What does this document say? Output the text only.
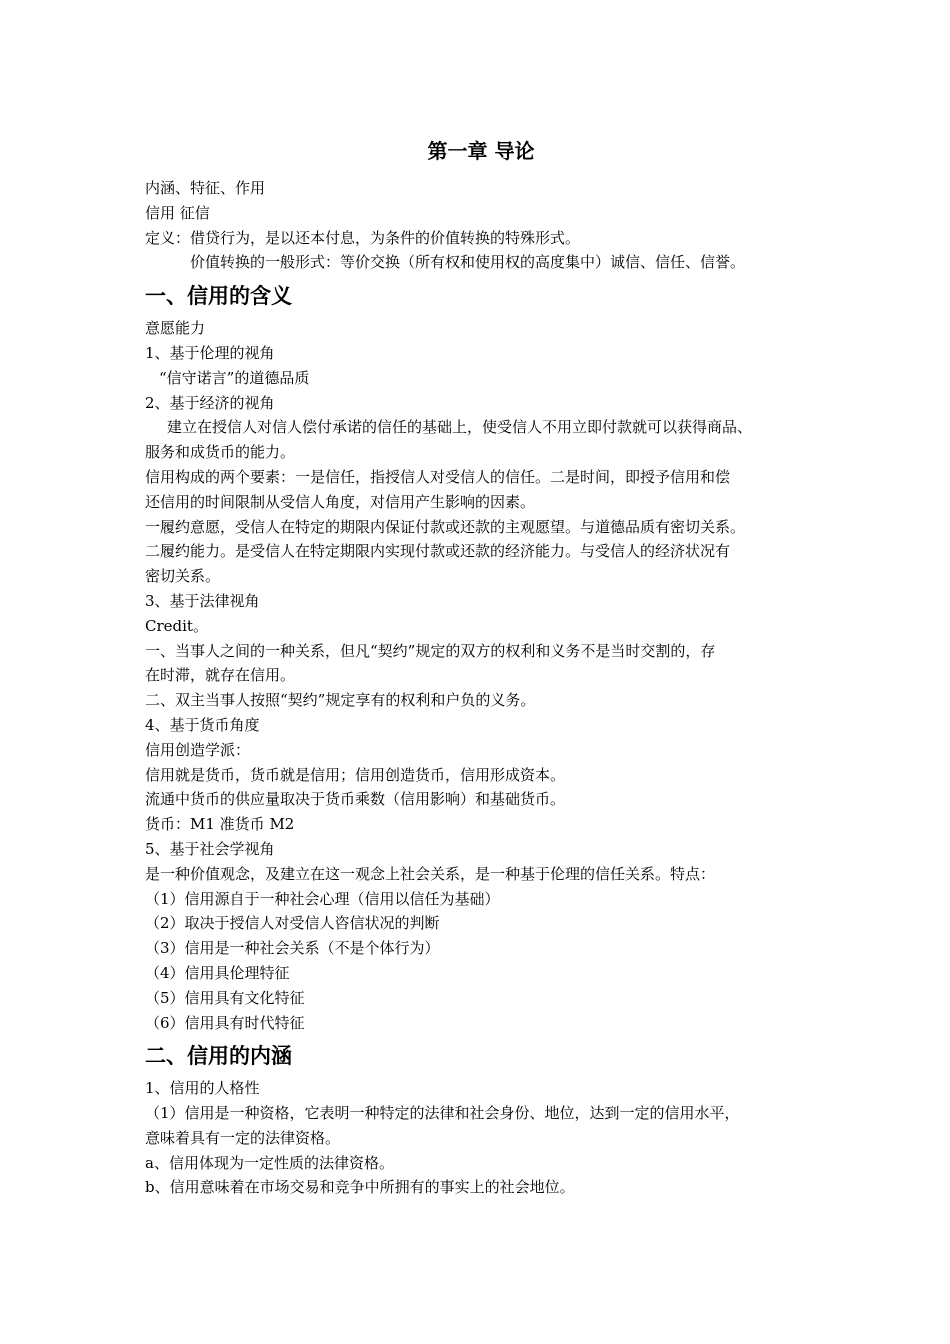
第一章 导论

内涵、特征、作用

信用 征信

定义：借贷行为，是以还本付息，为条件的价值转换的特殊形式。

价值转换的一般形式：等价交换（所有权和使用权的高度集中）诚信、信任、信誉。

一、信用的含义

意愿能力

1、基于伦理的视角

“信守诺言”的道德品质

2、基于经济的视角

建立在授信人对信人偿付承诺的信任的基础上，使受信人不用立即付款就可以获得商品、

服务和成货币的能力。

信用构成的两个要素：一是信任，指授信人对受信人的信任。二是时间，即授予信用和偿

还信用的时间限制从受信人角度，对信用产生影响的因素。

一履约意愿，受信人在特定的期限内保证付款或还款的主观愿望。与道德品质有密切关系。

二履约能力。是受信人在特定期限内实现付款或还款的经济能力。与受信人的经济状况有

密切关系。

3、基于法律视角

Credit。

一、当事人之间的一种关系，但凡“契约”规定的双方的权利和义务不是当时交割的，存

在时滞，就存在信用。

二、双主当事人按照“契约”规定享有的权利和户负的义务。

4、基于货币角度

信用创造学派：

信用就是货币，货币就是信用；信用创造货币，信用形成资本。

流通中货币的供应量取决于货币乘数（信用影响）和基础货币。

货币：M1 准货币 M2

5、基于社会学视角

是一种价值观念，及建立在这一观念上社会关系，是一种基于伦理的信任关系。特点：

（1）信用源自于一种社会心理（信用以信任为基础）

（2）取决于授信人对受信人咨信状况的判断

（3）信用是一种社会关系（不是个体行为）

（4）信用具伦理特征

（5）信用具有文化特征

（6）信用具有时代特征

二、信用的内涵

1、信用的人格性

（1）信用是一种资格，它表明一种特定的法律和社会身份、地位，达到一定的信用水平，

意味着具有一定的法律资格。

a、信用体现为一定性质的法律资格。

b、信用意味着在市场交易和竞争中所拥有的事实上的社会地位。
